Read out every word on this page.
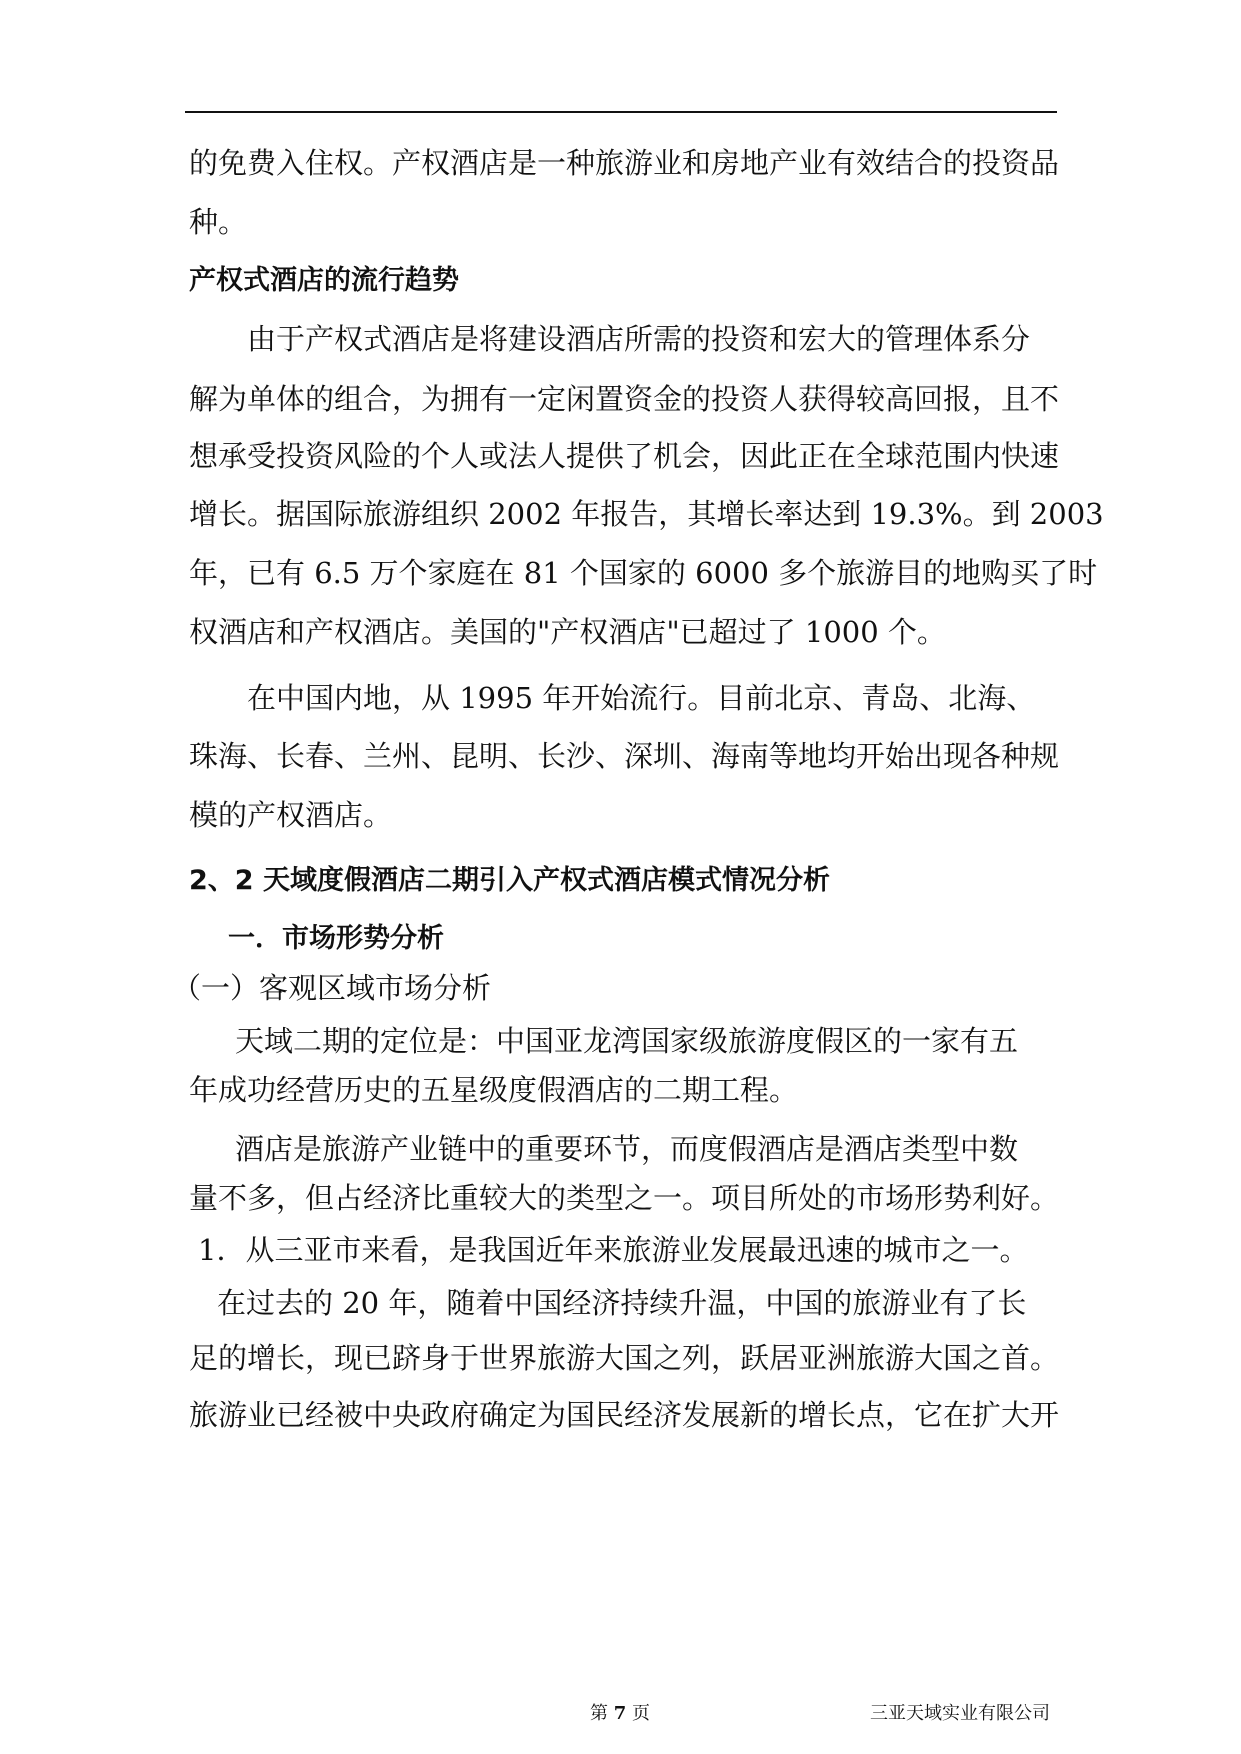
的免费入住权。产权酒店是一种旅游业和房地产业有效结合的投资品
种。
产权式酒店的流行趋势
由于产权式酒店是将建设酒店所需的投资和宏大的管理体系分
解为单体的组合，为拥有一定闲置资金的投资人获得较高回报，且不
想承受投资风险的个人或法人提供了机会，因此正在全球范围内快速
增长。据国际旅游组织 2002 年报告，其增长率达到 19.3%。到 2003
年，已有 6.5 万个家庭在 81 个国家的 6000 多个旅游目的地购买了时
权酒店和产权酒店。美国的"产权酒店"已超过了 1000 个。
在中国内地，从 1995 年开始流行。目前北京、青岛、北海、
珠海、长春、兰州、昆明、长沙、深圳、海南等地均开始出现各种规
模的产权酒店。
2、2 天域度假酒店二期引入产权式酒店模式情况分析
一．市场形势分析
（一）客观区域市场分析
天域二期的定位是：中国亚龙湾国家级旅游度假区的一家有五
年成功经营历史的五星级度假酒店的二期工程。
酒店是旅游产业链中的重要环节，而度假酒店是酒店类型中数
量不多，但占经济比重较大的类型之一。项目所处的市场形势利好。
1．从三亚市来看，是我国近年来旅游业发展最迅速的城市之一。
在过去的 20 年，随着中国经济持续升温，中国的旅游业有了长
足的增长，现已跻身于世界旅游大国之列，跃居亚洲旅游大国之首。
旅游业已经被中央政府确定为国民经济发展新的增长点，它在扩大开
第 7 页	三亚天域实业有限公司
